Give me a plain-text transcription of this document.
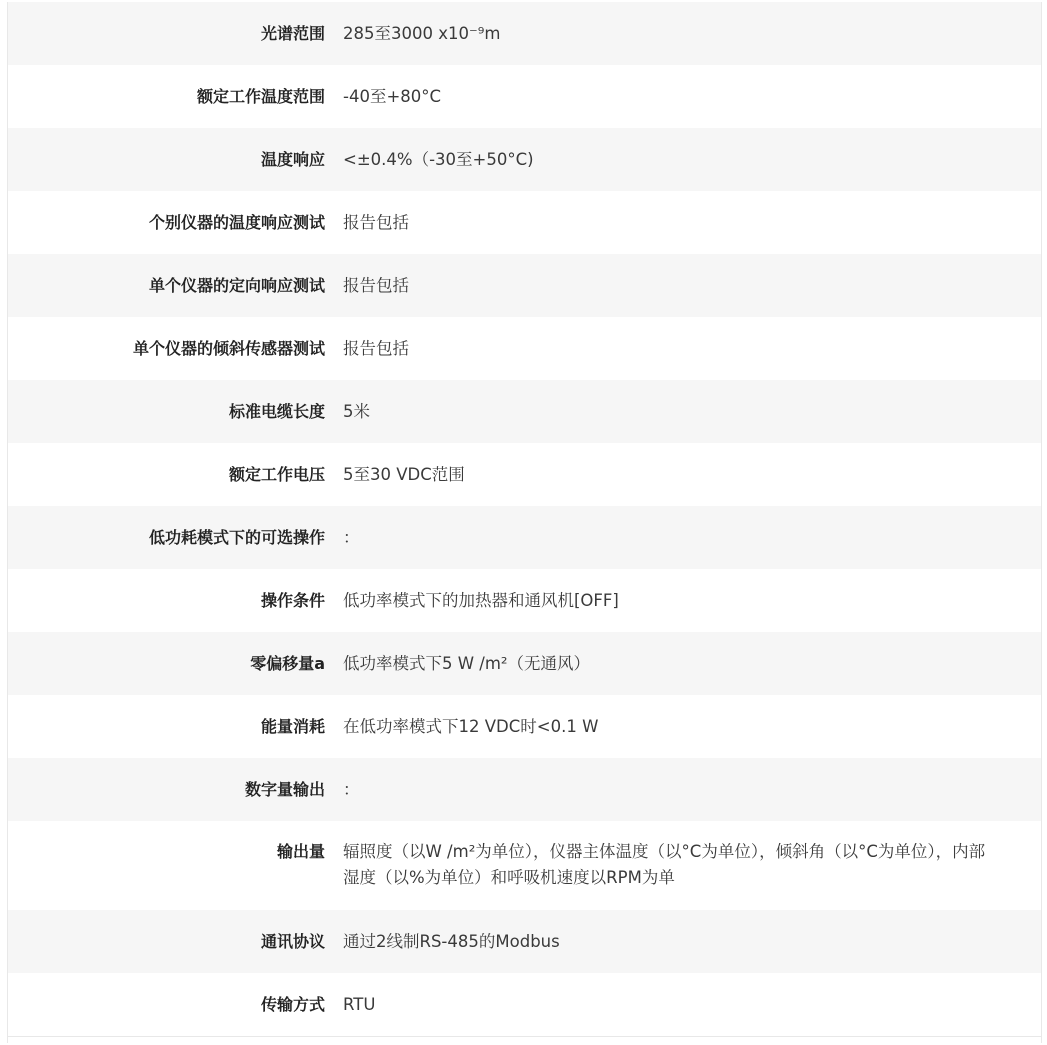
光谱范围	285至3000 x10⁻⁹m
额定工作温度范围	-40至+80°C
温度响应	<±0.4%（-30至+50°C)
个别仪器的温度响应测试	报告包括
单个仪器的定向响应测试	报告包括
单个仪器的倾斜传感器测试	报告包括
标准电缆长度	5米
额定工作电压	5至30 VDC范围
低功耗模式下的可选操作	：
操作条件	低功率模式下的加热器和通风机[OFF]
零偏移量a	低功率模式下5 W /m²（无通风）
能量消耗	在低功率模式下12 VDC时<0.1 W
数字量输出	：
输出量	辐照度（以W /m²为单位），仪器主体温度（以°C为单位），倾斜角（以°C为单位），内部湿度（以%为单位）和呼吸机速度以RPM为单
通讯协议	通过2线制RS-485的Modbus
传输方式	RTU
